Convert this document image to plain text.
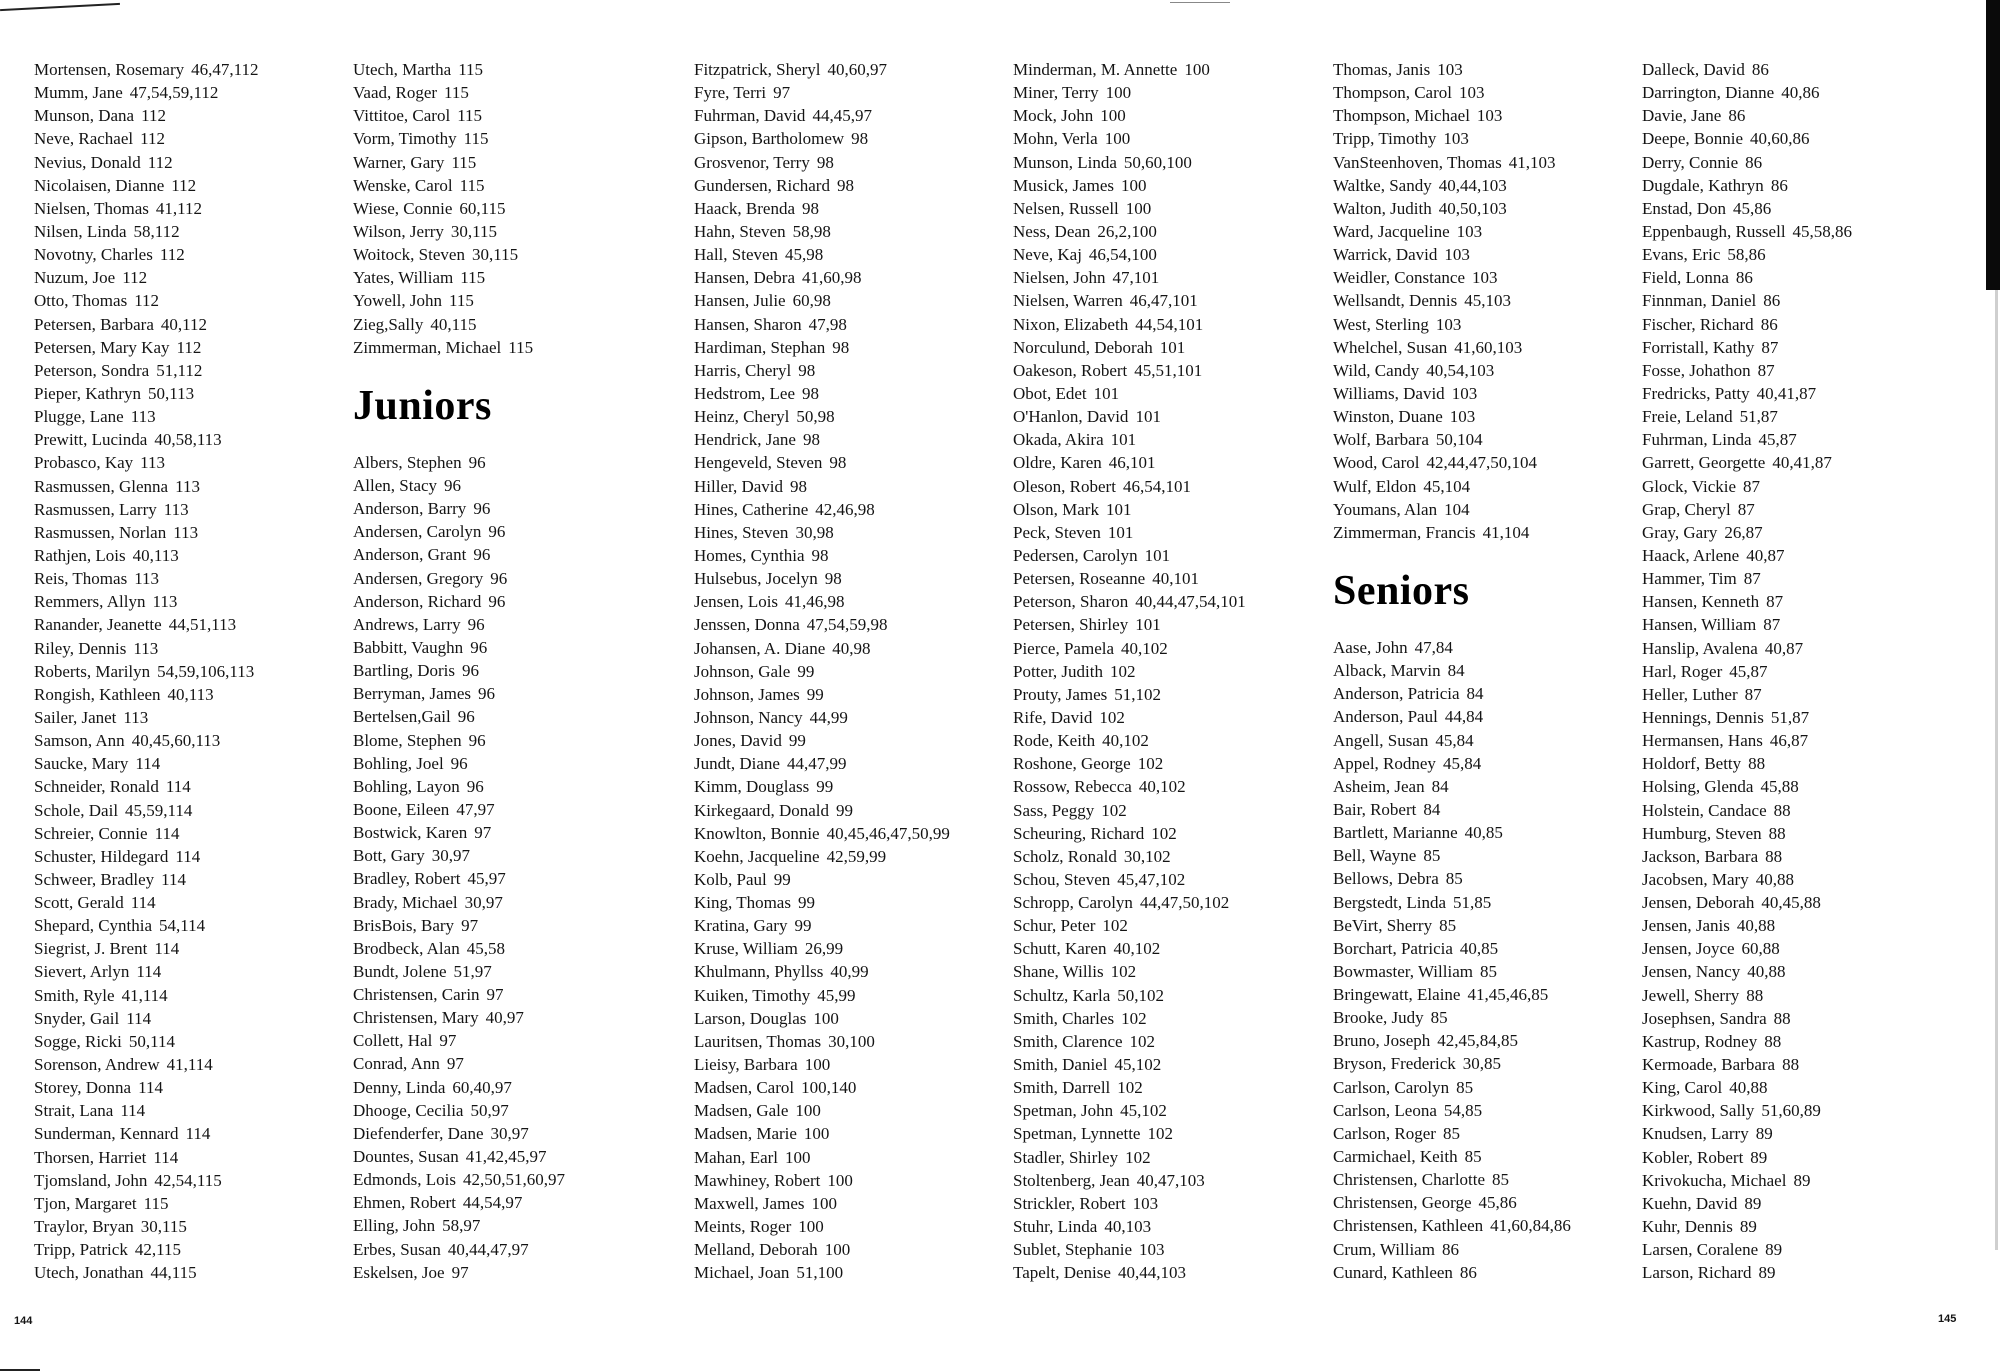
Mortensen, Rosemary 46,47,112
Mumm, Jane 47,54,59,112
Munson, Dana 112
Neve, Rachael 112
Nevius, Donald 112
Nicolaisen, Dianne 112
Nielsen, Thomas 41,112
Nilsen, Linda 58,112
Novotny, Charles 112
Nuzum, Joe 112
Otto, Thomas 112
Petersen, Barbara 40,112
Petersen, Mary Kay 112
Peterson, Sondra 51,112
Pieper, Kathryn 50,113
Plugge, Lane 113
Prewitt, Lucinda 40,58,113
Probasco, Kay 113
Rasmussen, Glenna 113
Rasmussen, Larry 113
Rasmussen, Norlan 113
Rathjen, Lois 40,113
Reis, Thomas 113
Remmers, Allyn 113
Ranander, Jeanette 44,51,113
Riley, Dennis 113
Roberts, Marilyn 54,59,106,113
Rongish, Kathleen 40,113
Sailer, Janet 113
Samson, Ann 40,45,60,113
Saucke, Mary 114
Schneider, Ronald 114
Schole, Dail 45,59,114
Schreier, Connie 114
Schuster, Hildegard 114
Schweer, Bradley 114
Scott, Gerald 114
Shepard, Cynthia 54,114
Siegrist, J. Brent 114
Sievert, Arlyn 114
Smith, Ryle 41,114
Snyder, Gail 114
Sogge, Ricki 50,114
Sorenson, Andrew 41,114
Storey, Donna 114
Strait, Lana 114
Sunderman, Kennard 114
Thorsen, Harriet 114
Tjomsland, John 42,54,115
Tjon, Margaret 115
Traylor, Bryan 30,115
Tripp, Patrick 42,115
Utech, Jonathan 44,115
Utech, Martha 115
Vaad, Roger 115
Vittitoe, Carol 115
Vorm, Timothy 115
Warner, Gary 115
Wenske, Carol 115
Wiese, Connie 60,115
Wilson, Jerry 30,115
Woitock, Steven 30,115
Yates, William 115
Yowell, John 115
Zieg,Sally 40,115
Zimmerman, Michael 115
Juniors
Albers, Stephen 96
Allen, Stacy 96
Anderson, Barry 96
Andersen, Carolyn 96
Anderson, Grant 96
Andersen, Gregory 96
Anderson, Richard 96
Andrews, Larry 96
Babbitt, Vaughn 96
Bartling, Doris 96
Berryman, James 96
Bertelsen,Gail 96
Blome, Stephen 96
Bohling, Joel 96
Bohling, Layon 96
Boone, Eileen 47,97
Bostwick, Karen 97
Bott, Gary 30,97
Bradley, Robert 45,97
Brady, Michael 30,97
BrisBois, Bary 97
Brodbeck, Alan 45,58
Bundt, Jolene 51,97
Christensen, Carin 97
Christensen, Mary 40,97
Collett, Hal 97
Conrad, Ann 97
Denny, Linda 60,40,97
Dhooge, Cecilia 50,97
Diefenderfer, Dane 30,97
Dountes, Susan 41,42,45,97
Edmonds, Lois 42,50,51,60,97
Ehmen, Robert 44,54,97
Elling, John 58,97
Erbes, Susan 40,44,47,97
Eskelsen, Joe 97
Fitzpatrick, Sheryl 40,60,97
Fyre, Terri 97
Fuhrman, David 44,45,97
Gipson, Bartholomew 98
Grosvenor, Terry 98
Gundersen, Richard 98
Haack, Brenda 98
Hahn, Steven 58,98
Hall, Steven 45,98
Hansen, Debra 41,60,98
Hansen, Julie 60,98
Hansen, Sharon 47,98
Hardiman, Stephan 98
Harris, Cheryl 98
Hedstrom, Lee 98
Heinz, Cheryl 50,98
Hendrick, Jane 98
Hengeveld, Steven 98
Hiller, David 98
Hines, Catherine 42,46,98
Hines, Steven 30,98
Homes, Cynthia 98
Hulsebus, Jocelyn 98
Jensen, Lois 41,46,98
Jenssen, Donna 47,54,59,98
Johansen, A. Diane 40,98
Johnson, Gale 99
Johnson, James 99
Johnson, Nancy 44,99
Jones, David 99
Jundt, Diane 44,47,99
Kimm, Douglass 99
Kirkegaard, Donald 99
Knowlton, Bonnie 40,45,46,47,50,99
Koehn, Jacqueline 42,59,99
Kolb, Paul 99
King, Thomas 99
Kratina, Gary 99
Kruse, William 26,99
Khulmann, Phyllss 40,99
Kuiken, Timothy 45,99
Larson, Douglas 100
Lauritsen, Thomas 30,100
Lieisy, Barbara 100
Madsen, Carol 100,140
Madsen, Gale 100
Madsen, Marie 100
Mahan, Earl 100
Mawhiney, Robert 100
Maxwell, James 100
Meints, Roger 100
Melland, Deborah 100
Michael, Joan 51,100
Minderman, M. Annette 100
Miner, Terry 100
Mock, John 100
Mohn, Verla 100
Munson, Linda 50,60,100
Musick, James 100
Nelsen, Russell 100
Ness, Dean 26,2,100
Neve, Kaj 46,54,100
Nielsen, John 47,101
Nielsen, Warren 46,47,101
Nixon, Elizabeth 44,54,101
Norculund, Deborah 101
Oakeson, Robert 45,51,101
Obot, Edet 101
O'Hanlon, David 101
Okada, Akira 101
Oldre, Karen 46,101
Oleson, Robert 46,54,101
Olson, Mark 101
Peck, Steven 101
Pedersen, Carolyn 101
Petersen, Roseanne 40,101
Peterson, Sharon 40,44,47,54,101
Petersen, Shirley 101
Pierce, Pamela 40,102
Potter, Judith 102
Prouty, James 51,102
Rife, David 102
Rode, Keith 40,102
Roshone, George 102
Rossow, Rebecca 40,102
Sass, Peggy 102
Scheuring, Richard 102
Scholz, Ronald 30,102
Schou, Steven 45,47,102
Schropp, Carolyn 44,47,50,102
Schur, Peter 102
Schutt, Karen 40,102
Shane, Willis 102
Schultz, Karla 50,102
Smith, Charles 102
Smith, Clarence 102
Smith, Daniel 45,102
Smith, Darrell 102
Spetman, John 45,102
Spetman, Lynnette 102
Stadler, Shirley 102
Stoltenberg, Jean 40,47,103
Strickler, Robert 103
Stuhr, Linda 40,103
Sublet, Stephanie 103
Tapelt, Denise 40,44,103
Thomas, Janis 103
Thompson, Carol 103
Thompson, Michael 103
Tripp, Timothy 103
VanSteenhoven, Thomas 41,103
Waltke, Sandy 40,44,103
Walton, Judith 40,50,103
Ward, Jacqueline 103
Warrick, David 103
Weidler, Constance 103
Wellsandt, Dennis 45,103
West, Sterling 103
Whelchel, Susan 41,60,103
Wild, Candy 40,54,103
Williams, David 103
Winston, Duane 103
Wolf, Barbara 50,104
Wood, Carol 42,44,47,50,104
Wulf, Eldon 45,104
Youmans, Alan 104
Zimmerman, Francis 41,104
Seniors
Aase, John 47,84
Alback, Marvin 84
Anderson, Patricia 84
Anderson, Paul 44,84
Angell, Susan 45,84
Appel, Rodney 45,84
Asheim, Jean 84
Bair, Robert 84
Bartlett, Marianne 40,85
Bell, Wayne 85
Bellows, Debra 85
Bergstedt, Linda 51,85
BeVirt, Sherry 85
Borchart, Patricia 40,85
Bowmaster, William 85
Bringewatt, Elaine 41,45,46,85
Brooke, Judy 85
Bruno, Joseph 42,45,84,85
Bryson, Frederick 30,85
Carlson, Carolyn 85
Carlson, Leona 54,85
Carlson, Roger 85
Carmichael, Keith 85
Christensen, Charlotte 85
Christensen, George 45,86
Christensen, Kathleen 41,60,84,86
Crum, William 86
Cunard, Kathleen 86
Dalleck, David 86
Darrington, Dianne 40,86
Davie, Jane 86
Deepe, Bonnie 40,60,86
Derry, Connie 86
Dugdale, Kathryn 86
Enstad, Don 45,86
Eppenbaugh, Russell 45,58,86
Evans, Eric 58,86
Field, Lonna 86
Finnman, Daniel 86
Fischer, Richard 86
Forristall, Kathy 87
Fosse, Johathon 87
Fredricks, Patty 40,41,87
Freie, Leland 51,87
Fuhrman, Linda 45,87
Garrett, Georgette 40,41,87
Glock, Vickie 87
Grap, Cheryl 87
Gray, Gary 26,87
Haack, Arlene 40,87
Hammer, Tim 87
Hansen, Kenneth 87
Hansen, William 87
Hanslip, Avalena 40,87
Harl, Roger 45,87
Heller, Luther 87
Hennings, Dennis 51,87
Hermansen, Hans 46,87
Holdorf, Betty 88
Holsing, Glenda 45,88
Holstein, Candace 88
Humburg, Steven 88
Jackson, Barbara 88
Jacobsen, Mary 40,88
Jensen, Deborah 40,45,88
Jensen, Janis 40,88
Jensen, Joyce 60,88
Jensen, Nancy 40,88
Jewell, Sherry 88
Josephsen, Sandra 88
Kastrup, Rodney 88
Kermoade, Barbara 88
King, Carol 40,88
Kirkwood, Sally 51,60,89
Knudsen, Larry 89
Kobler, Robert 89
Krivokucha, Michael 89
Kuehn, David 89
Kuhr, Dennis 89
Larsen, Coralene 89
Larson, Richard 89
144	145
